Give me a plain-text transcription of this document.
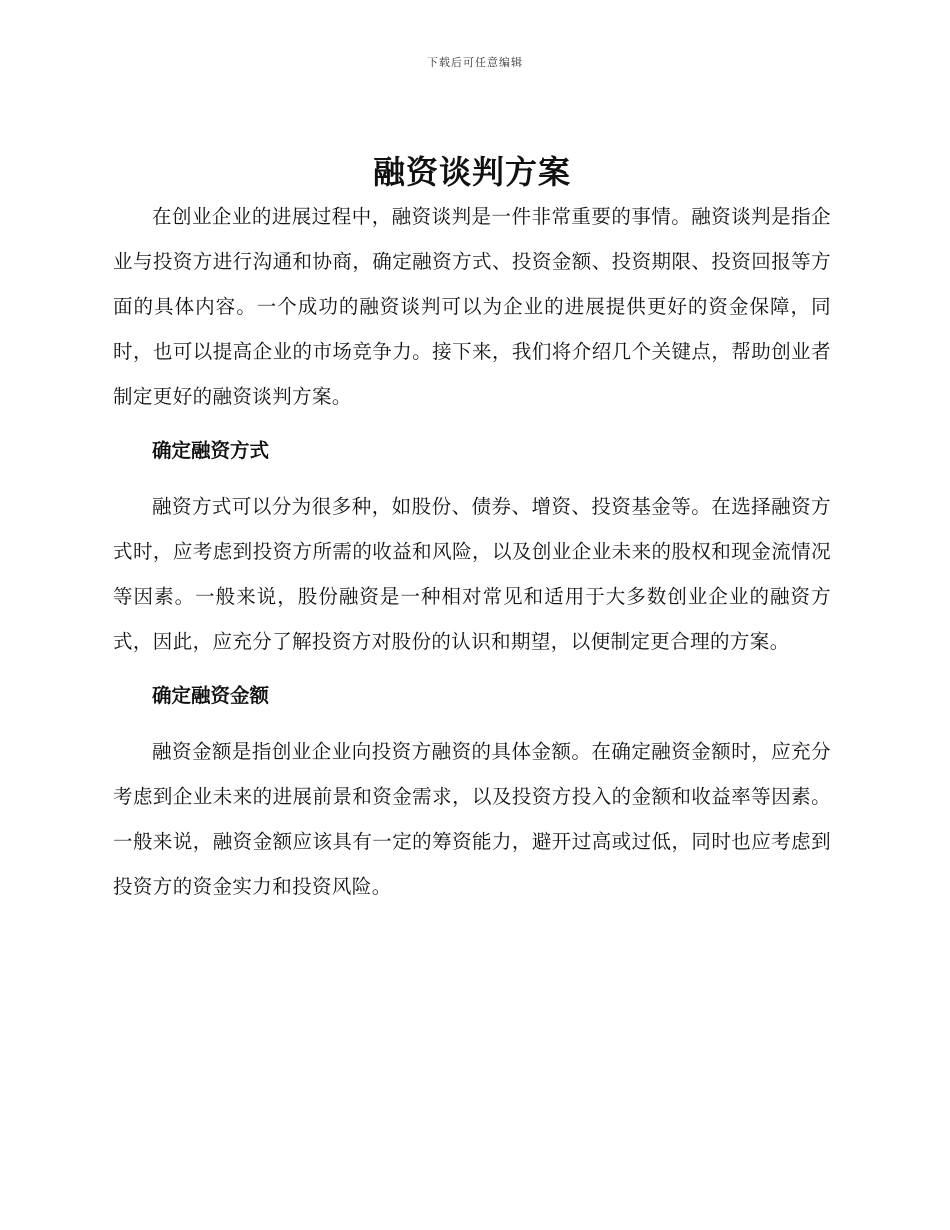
下载后可任意编辑
融资谈判方案

在创业企业的进展过程中，融资谈判是一件非常重要的事情。融资谈判是指企业与投资方进行沟通和协商，确定融资方式、投资金额、投资期限、投资回报等方面的具体内容。一个成功的融资谈判可以为企业的进展提供更好的资金保障，同时，也可以提高企业的市场竞争力。接下来，我们将介绍几个关键点，帮助创业者制定更好的融资谈判方案。

确定融资方式

融资方式可以分为很多种，如股份、债券、增资、投资基金等。在选择融资方式时，应考虑到投资方所需的收益和风险，以及创业企业未来的股权和现金流情况等因素。一般来说，股份融资是一种相对常见和适用于大多数创业企业的融资方式，因此，应充分了解投资方对股份的认识和期望，以便制定更合理的方案。

确定融资金额

融资金额是指创业企业向投资方融资的具体金额。在确定融资金额时，应充分考虑到企业未来的进展前景和资金需求，以及投资方投入的金额和收益率等因素。一般来说，融资金额应该具有一定的筹资能力，避开过高或过低，同时也应考虑到投资方的资金实力和投资风险。
